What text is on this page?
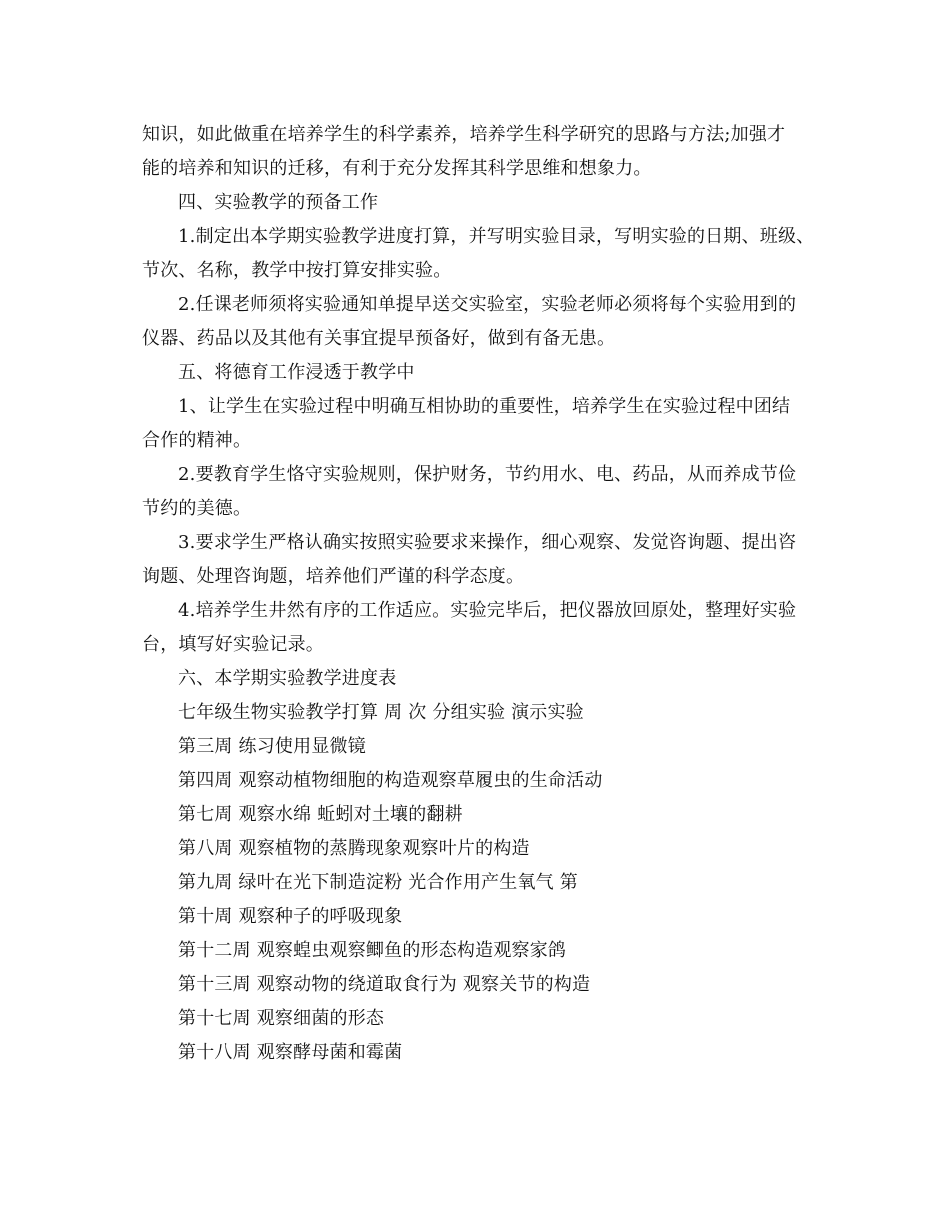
知识，如此做重在培养学生的科学素养，培养学生科学研究的思路与方法;加强才
能的培养和知识的迁移，有利于充分发挥其科学思维和想象力。
四、实验教学的预备工作
1.制定出本学期实验教学进度打算，并写明实验目录，写明实验的日期、班级、
节次、名称，教学中按打算安排实验。
2.任课老师须将实验通知单提早送交实验室，实验老师必须将每个实验用到的
仪器、药品以及其他有关事宜提早预备好，做到有备无患。
五、将德育工作浸透于教学中
1、让学生在实验过程中明确互相协助的重要性，培养学生在实验过程中团结
合作的精神。
2.要教育学生恪守实验规则，保护财务，节约用水、电、药品，从而养成节俭
节约的美德。
3.要求学生严格认确实按照实验要求来操作，细心观察、发觉咨询题、提出咨
询题、处理咨询题，培养他们严谨的科学态度。
4.培养学生井然有序的工作适应。实验完毕后，把仪器放回原处，整理好实验
台，填写好实验记录。
六、本学期实验教学进度表
七年级生物实验教学打算 周 次 分组实验 演示实验
第三周 练习使用显微镜
第四周 观察动植物细胞的构造观察草履虫的生命活动
第七周 观察水绵 蚯蚓对土壤的翻耕
第八周 观察植物的蒸腾现象观察叶片的构造
第九周 绿叶在光下制造淀粉 光合作用产生氧气 第
第十周 观察种子的呼吸现象
第十二周 观察蝗虫观察鲫鱼的形态构造观察家鸽
第十三周 观察动物的绕道取食行为 观察关节的构造
第十七周 观察细菌的形态
第十八周 观察酵母菌和霉菌
